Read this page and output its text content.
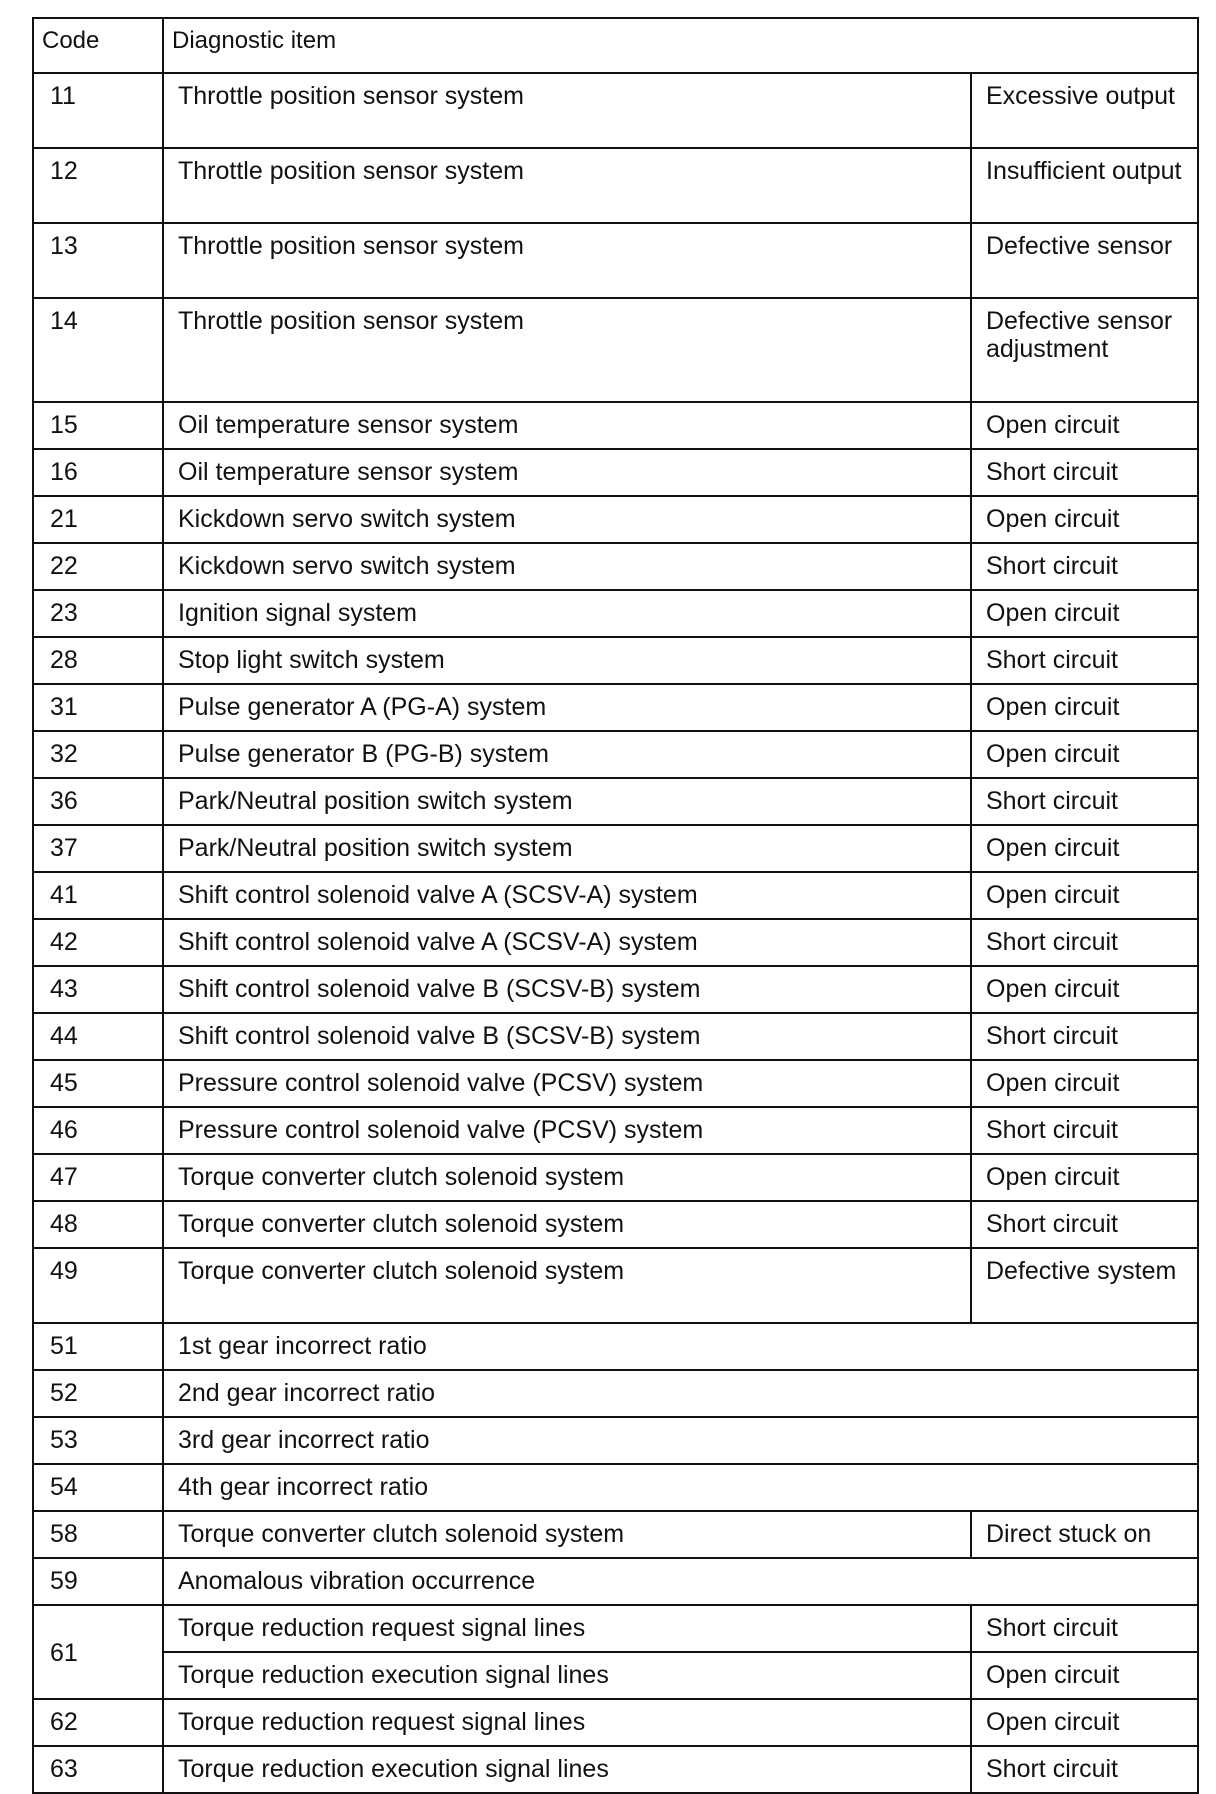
Code	Diagnostic item	
11	Throttle position sensor system	Excessive output
12	Throttle position sensor system	Insufficient output
13	Throttle position sensor system	Defective sensor
14	Throttle position sensor system	Defective sensor adjustment
15	Oil temperature sensor system	Open circuit
16	Oil temperature sensor system	Short circuit
21	Kickdown servo switch system	Open circuit
22	Kickdown servo switch system	Short circuit
23	Ignition signal system	Open circuit
28	Stop light switch system	Short circuit
31	Pulse generator A (PG-A) system	Open circuit
32	Pulse generator B (PG-B) system	Open circuit
36	Park/Neutral position switch system	Short circuit
37	Park/Neutral position switch system	Open circuit
41	Shift control solenoid valve A (SCSV-A) system	Open circuit
42	Shift control solenoid valve A (SCSV-A) system	Short circuit
43	Shift control solenoid valve B (SCSV-B) system	Open circuit
44	Shift control solenoid valve B (SCSV-B) system	Short circuit
45	Pressure control solenoid valve (PCSV) system	Open circuit
46	Pressure control solenoid valve (PCSV) system	Short circuit
47	Torque converter clutch solenoid system	Open circuit
48	Torque converter clutch solenoid system	Short circuit
49	Torque converter clutch solenoid system	Defective system
51	1st gear incorrect ratio	
52	2nd gear incorrect ratio	
53	3rd gear incorrect ratio	
54	4th gear incorrect ratio	
58	Torque converter clutch solenoid system	Direct stuck on
59	Anomalous vibration occurrence	
61	Torque reduction request signal lines	Short circuit
	Torque reduction execution signal lines	Open circuit
62	Torque reduction request signal lines	Open circuit
63	Torque reduction execution signal lines	Short circuit
